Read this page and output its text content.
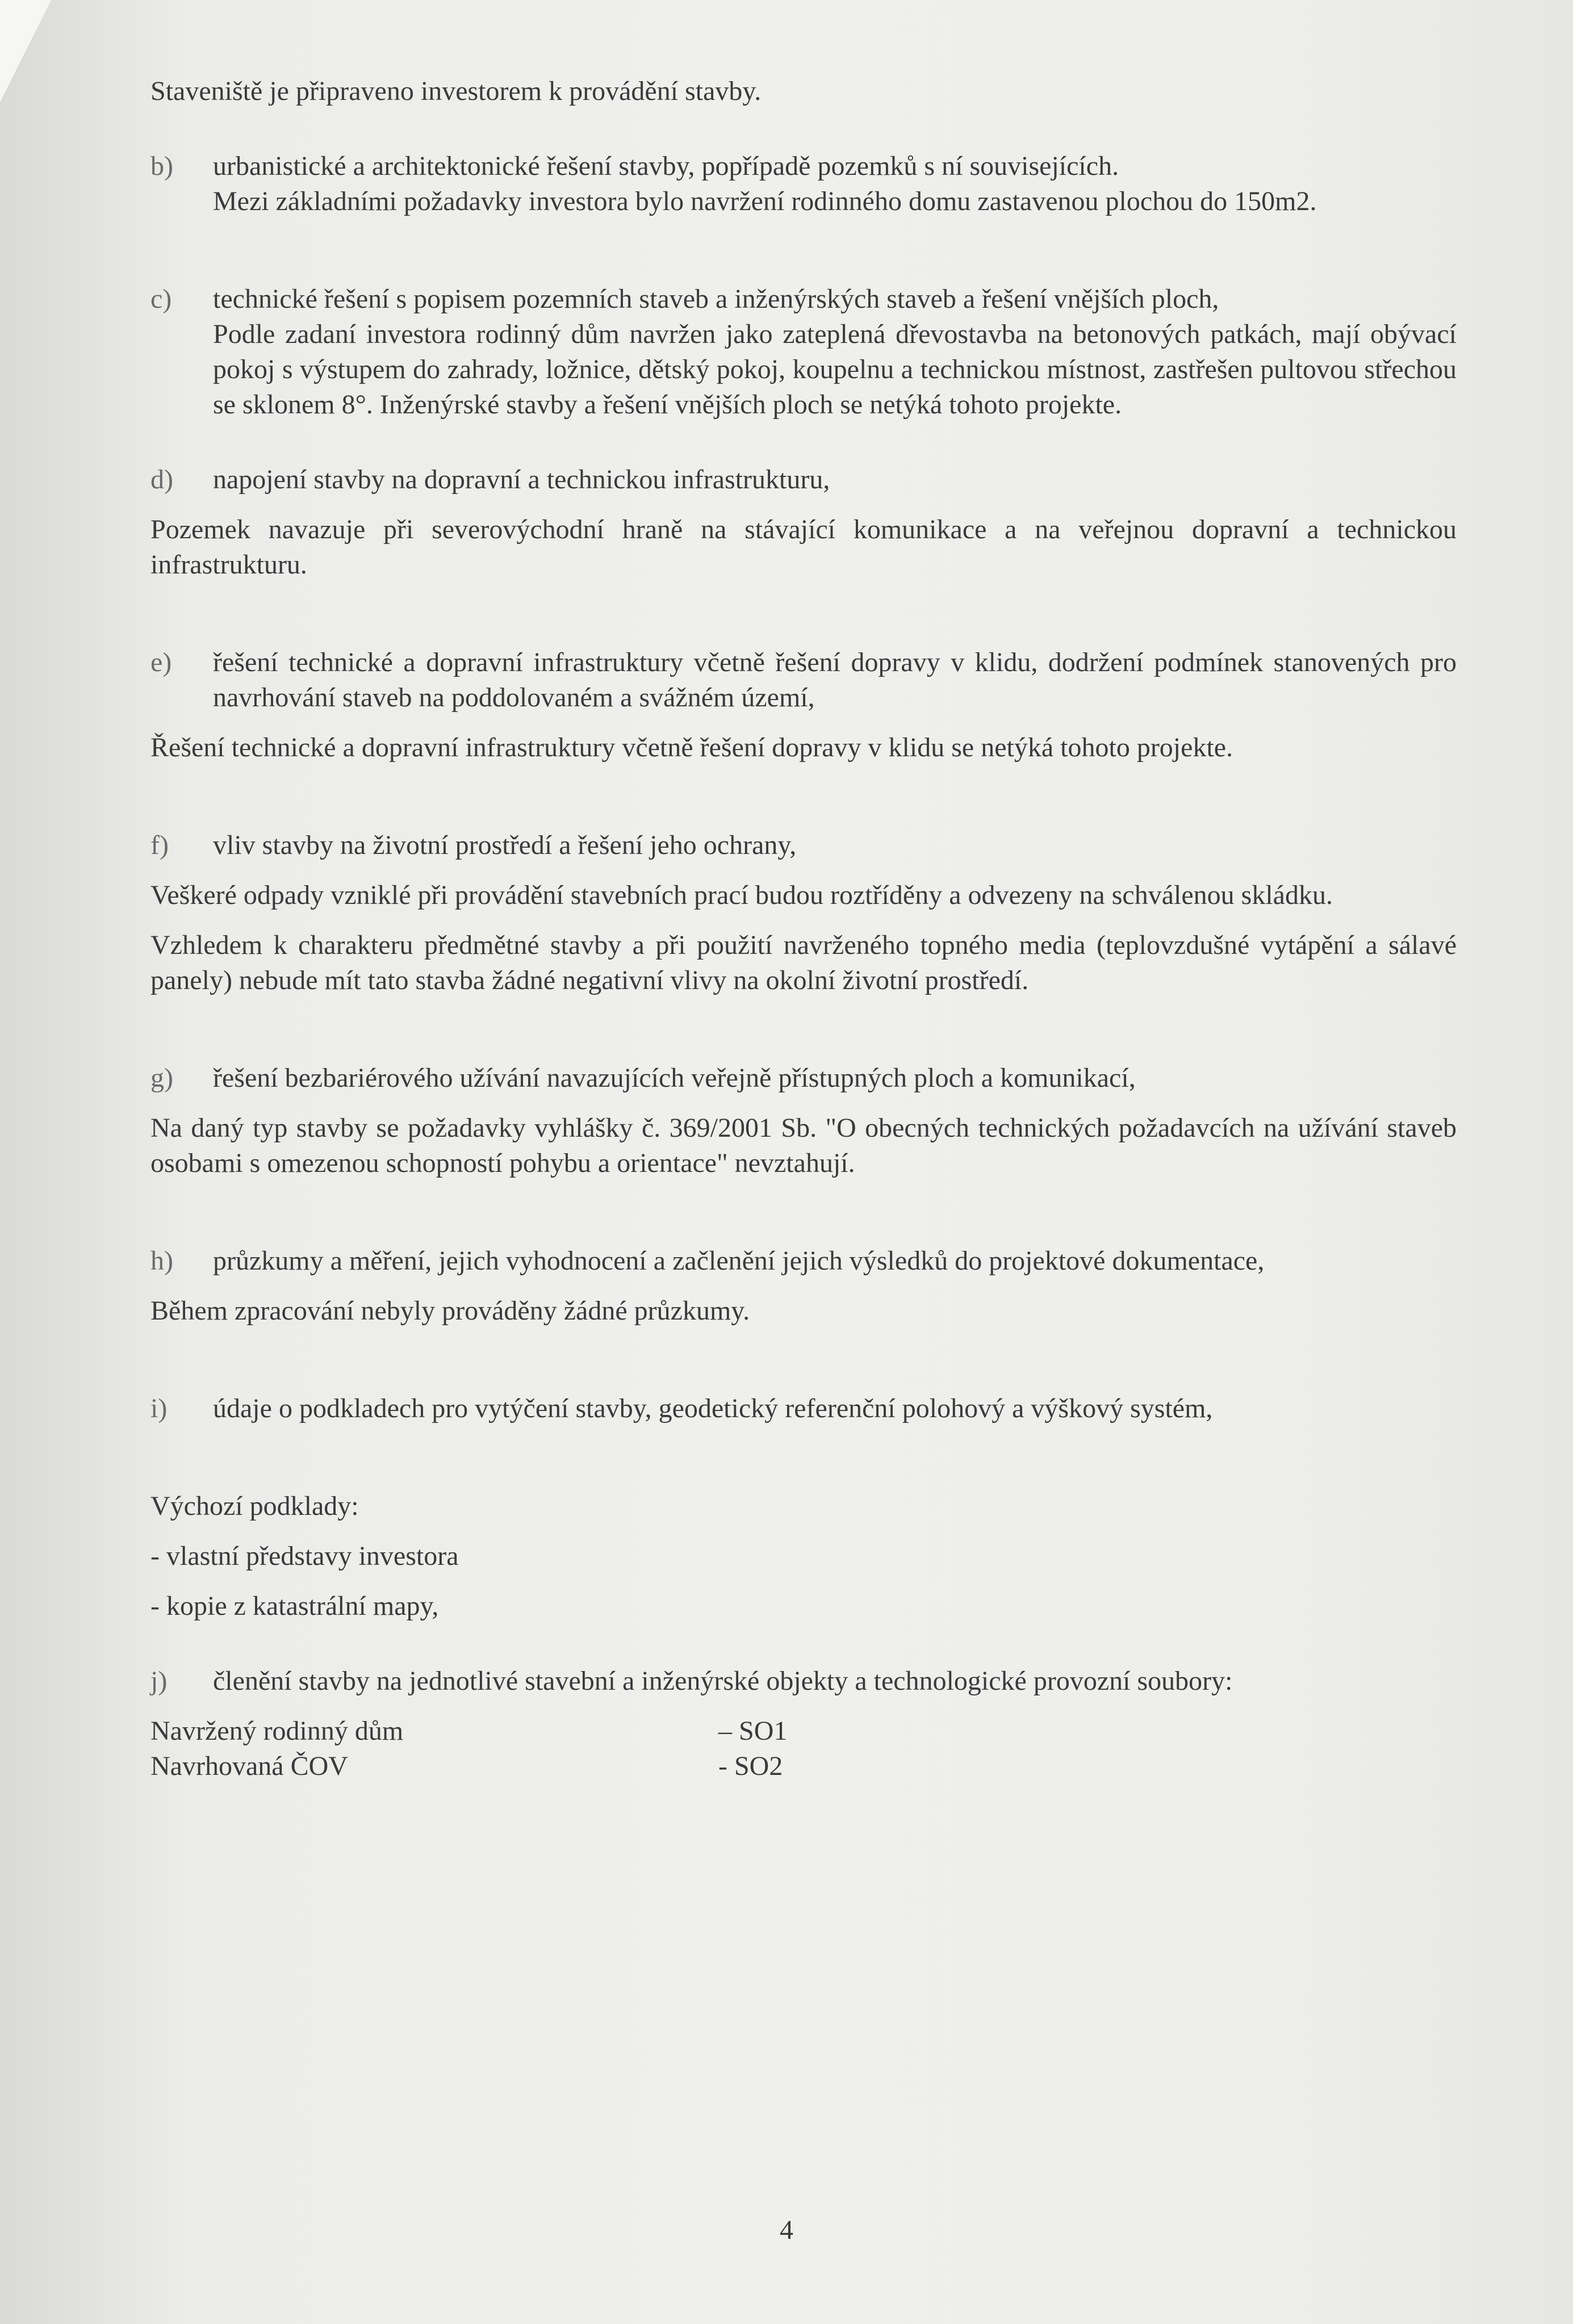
Staveniště je připraveno investorem k provádění stavby.

b)	urbanistické a architektonické řešení stavby, popřípadě pozemků s ní souvisejících.

Mezi základními požadavky investora bylo navržení rodinného domu zastavenou plochou do 150m2.

c)	technické řešení s popisem pozemních staveb a inženýrských staveb a řešení vnějších ploch,

Podle zadaní investora rodinný dům navržen jako zateplená dřevostavba na betonových patkách, mají obývací pokoj s výstupem do zahrady, ložnice, dětský pokoj, koupelnu a technickou místnost, zastřešen pultovou střechou se sklonem 8°. Inženýrské stavby a řešení vnějších ploch se netýká tohoto projekte.

d)	napojení stavby na dopravní a technickou infrastrukturu,

Pozemek navazuje při severovýchodní hraně na stávající komunikace a na veřejnou dopravní a technickou infrastrukturu.

e)	řešení technické a dopravní infrastruktury včetně řešení dopravy v klidu, dodržení podmínek stanovených pro navrhování staveb na poddolovaném a svážném území,

Řešení technické a dopravní infrastruktury včetně řešení dopravy v klidu se netýká tohoto projekte.

f)	vliv stavby na životní prostředí a řešení jeho ochrany,

Veškeré odpady vzniklé při provádění stavebních prací budou roztříděny a odvezeny na schválenou skládku.

Vzhledem k charakteru předmětné stavby a při použití navrženého topného media (teplovzdušné vytápění a sálavé panely) nebude mít tato stavba žádné negativní vlivy na okolní životní prostředí.

g)	řešení bezbariérového užívání navazujících veřejně přístupných ploch a komunikací,

Na daný typ stavby se požadavky vyhlášky č. 369/2001 Sb. "O obecných technických požadavcích na užívání staveb osobami s omezenou schopností pohybu a orientace" nevztahují.

h)	průzkumy a měření, jejich vyhodnocení a začlenění jejich výsledků do projektové dokumentace,

Během zpracování nebyly prováděny žádné průzkumy.

i)	údaje o podkladech pro vytýčení stavby, geodetický referenční polohový a výškový systém,

Výchozí podklady:

- vlastní představy investora

- kopie z katastrální mapy,

j)	členění stavby na jednotlivé stavební a inženýrské objekty a technologické provozní soubory:
Navržený rodinný dům	– SO1
Navrhovaná ČOV	- SO2
4
